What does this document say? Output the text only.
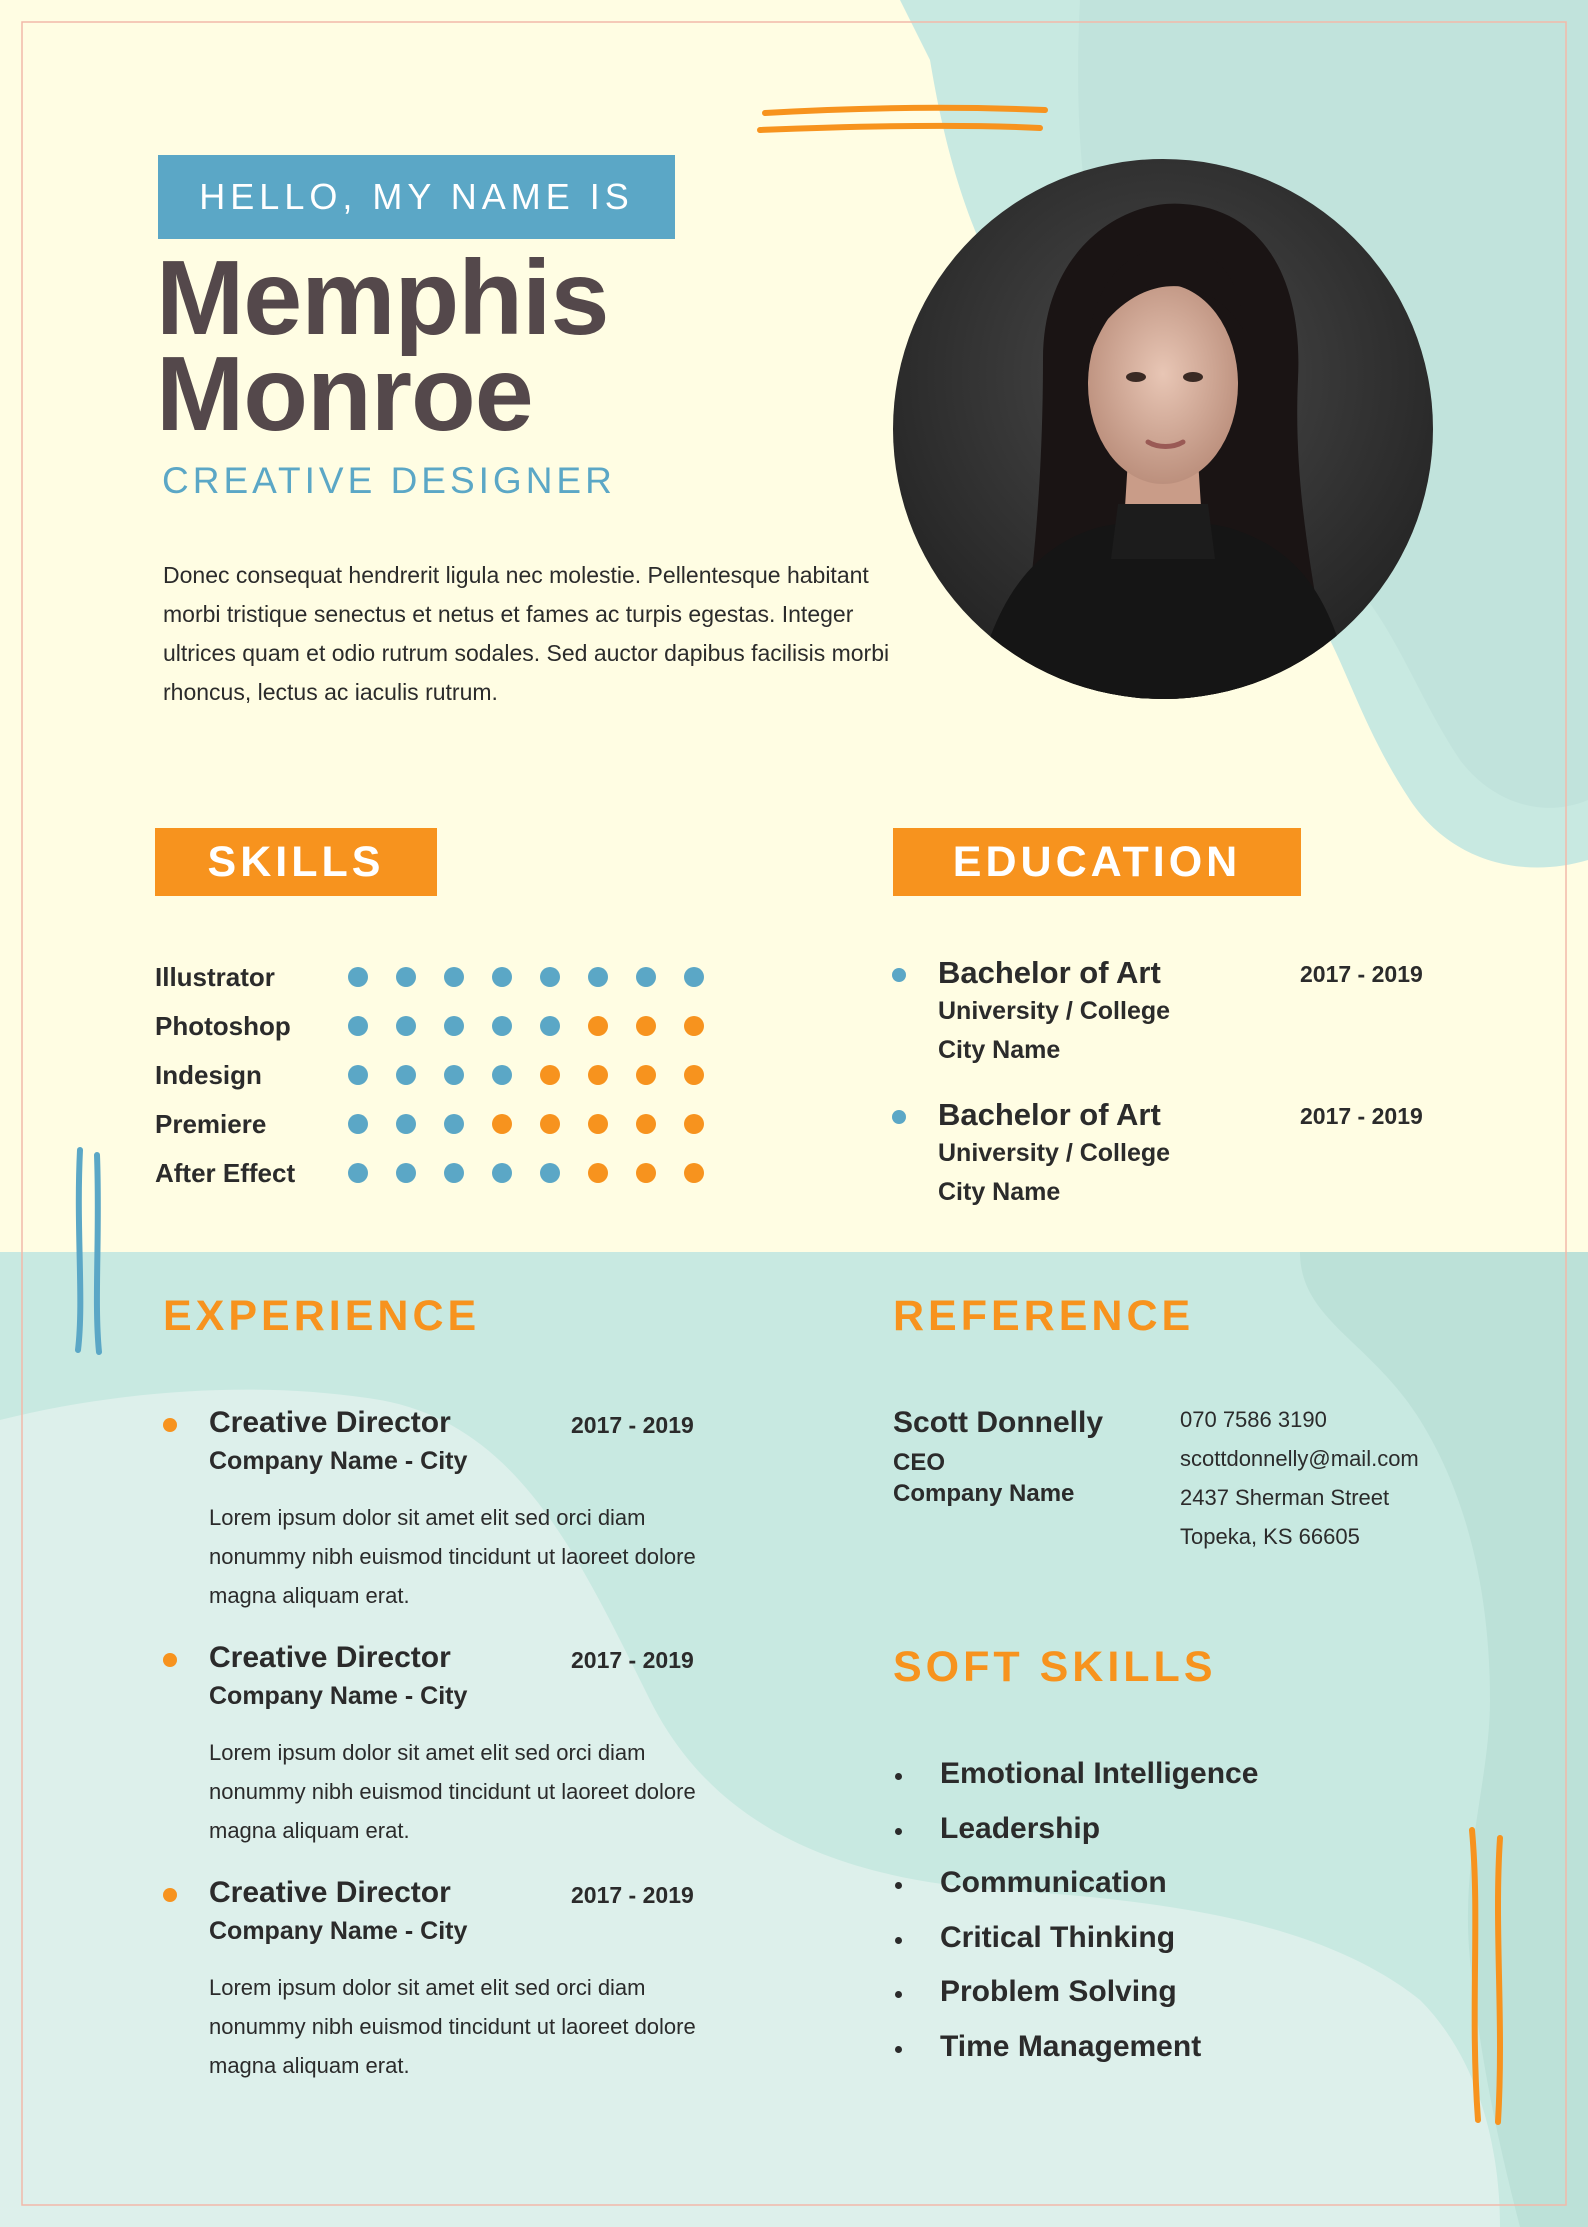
HELLO, MY NAME IS
Memphis
Monroe
CREATIVE DESIGNER
Donec consequat hendrerit ligula nec molestie. Pellentesque habitant morbi tristique senectus et netus et fames ac turpis egestas. Integer ultrices quam et odio rutrum sodales. Sed auctor dapibus facilisis morbi rhoncus, lectus ac iaculis rutrum.
SKILLS	EDUCATION
Illustrator
Photoshop
Indesign
Premiere
After Effect
Bachelor of Art	2017 - 2019
University / College
City Name
Bachelor of Art	2017 - 2019
University / College
City Name
EXPERIENCE
Creative Director	2017 - 2019
Company Name - City
Lorem ipsum dolor sit amet elit sed orci diam nonummy nibh euismod tincidunt ut laoreet dolore magna aliquam erat.
Creative Director	2017 - 2019
Company Name - City
Lorem ipsum dolor sit amet elit sed orci diam nonummy nibh euismod tincidunt ut laoreet dolore magna aliquam erat.
Creative Director	2017 - 2019
Company Name - City
Lorem ipsum dolor sit amet elit sed orci diam nonummy nibh euismod tincidunt ut laoreet dolore magna aliquam erat.
REFERENCE
Scott Donnelly
CEO
Company Name
070 7586 3190
scottdonnelly@mail.com
2437 Sherman Street
Topeka, KS 66605
SOFT SKILLS
Emotional Intelligence
Leadership
Communication
Critical Thinking
Problem Solving
Time Management
